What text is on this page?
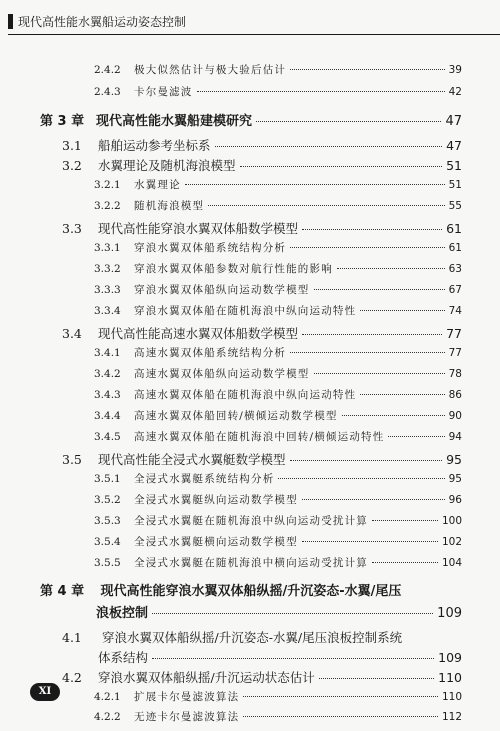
现代高性能水翼船运动姿态控制
2.4.2	极大似然估计与极大验后估计	39
2.4.3	卡尔曼滤波	42
第 3 章 现代高性能水翼船建模研究	47
3.1	船舶运动参考坐标系	47
3.2	水翼理论及随机海浪模型	51
3.2.1	水翼理论	51
3.2.2	随机海浪模型	55
3.3	现代高性能穿浪水翼双体船数学模型	61
3.3.1	穿浪水翼双体船系统结构分析	61
3.3.2	穿浪水翼双体船参数对航行性能的影响	63
3.3.3	穿浪水翼双体船纵向运动数学模型	67
3.3.4	穿浪水翼双体船在随机海浪中纵向运动特性	74
3.4	现代高性能高速水翼双体船数学模型	77
3.4.1	高速水翼双体船系统结构分析	77
3.4.2	高速水翼双体船纵向运动数学模型	78
3.4.3	高速水翼双体船在随机海浪中纵向运动特性	86
3.4.4	高速水翼双体船回转/横倾运动数学模型	90
3.4.5	高速水翼双体船在随机海浪中回转/横倾运动特性	94
3.5	现代高性能全浸式水翼艇数学模型	95
3.5.1	全浸式水翼艇系统结构分析	95
3.5.2	全浸式水翼艇纵向运动数学模型	96
3.5.3	全浸式水翼艇在随机海浪中纵向运动受扰计算	100
3.5.4	全浸式水翼艇横向运动数学模型	102
3.5.5	全浸式水翼艇在随机海浪中横向运动受扰计算	104
第 4 章 现代高性能穿浪水翼双体船纵摇/升沉姿态-水翼/尾压
浪板控制	109
4.1 穿浪水翼双体船纵摇/升沉姿态-水翼/尾压浪板控制系统
体系结构	109
4.2	穿浪水翼双体船纵摇/升沉运动状态估计	110
4.2.1	扩展卡尔曼滤波算法	110
4.2.2	无迹卡尔曼滤波算法	112
XI
